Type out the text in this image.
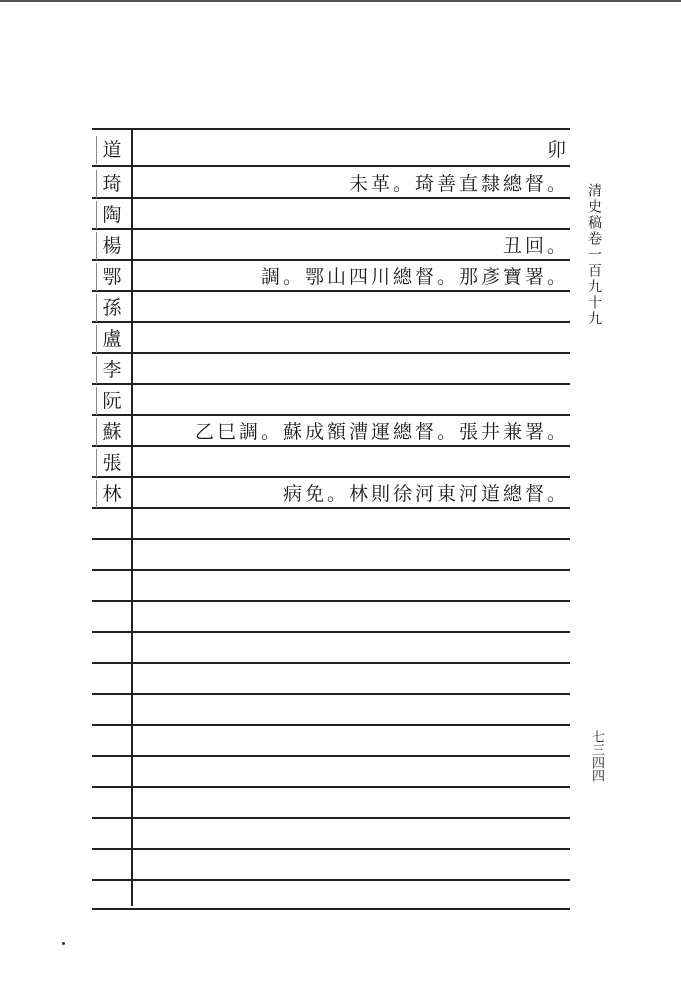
道
琦
陶
楊
鄂
孫
盧
李
阮
蘇
張
林
卯
未革。琦善直隸總督。
丑回。
調。鄂山四川總督。那彥寶署。
乙巳調。蘇成額漕運總督。張井兼署。
病免。林則徐河東河道總督。
清史稿卷一百九十九
七三四四
